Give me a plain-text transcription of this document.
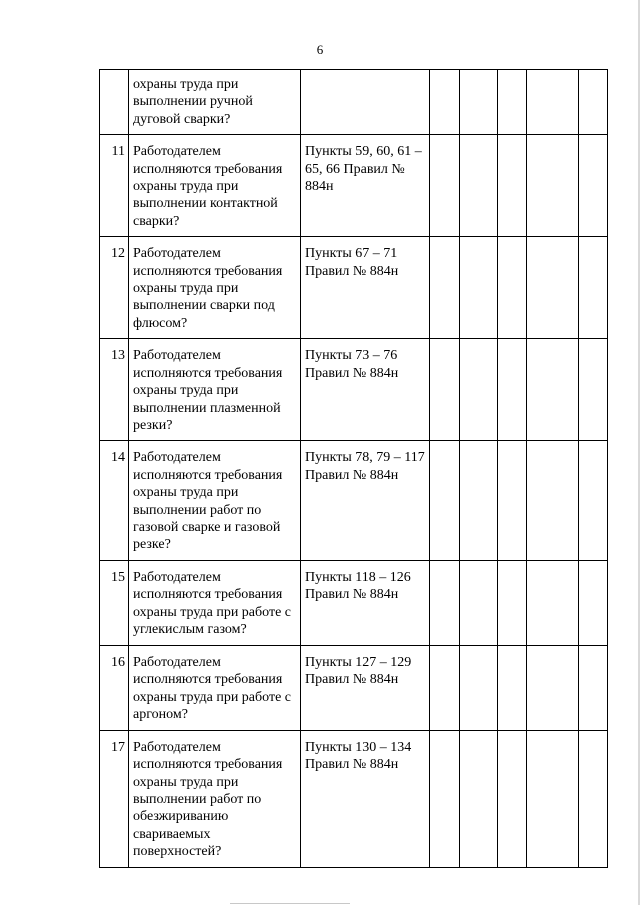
6
	охраны труда при выполнении ручной дуговой сварки?						
11	Работодателем исполняются требования охраны труда при выполнении контактной сварки?	Пункты 59, 60, 61 – 65, 66 Правил № 884н					
12	Работодателем исполняются требования охраны труда при выполнении сварки под флюсом?	Пункты 67 – 71 Правил № 884н					
13	Работодателем исполняются требования охраны труда при выполнении плазменной резки?	Пункты 73 – 76 Правил № 884н					
14	Работодателем исполняются требования охраны труда при выполнении работ по газовой сварке и газовой резке?	Пункты 78, 79 – 117 Правил № 884н					
15	Работодателем исполняются требования охраны труда при работе с углекислым газом?	Пункты 118 – 126 Правил № 884н					
16	Работодателем исполняются требования охраны труда при работе с аргоном?	Пункты 127 – 129 Правил № 884н					
17	Работодателем исполняются требования охраны труда при выполнении работ по обезжириванию свариваемых поверхностей?	Пункты 130 – 134 Правил № 884н					
